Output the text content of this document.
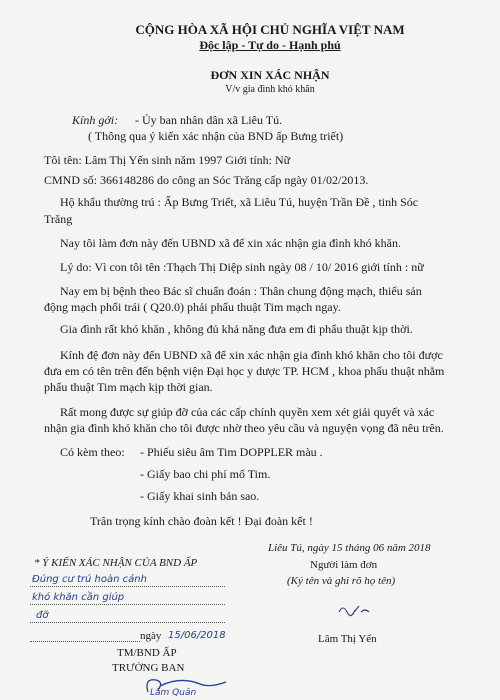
CỘNG HÒA XÃ HỘI CHỦ NGHĨA VIỆT NAM
Độc lập - Tự do - Hạnh phú
ĐƠN XIN XÁC NHẬN
V/v gia đình khó khăn
Kính gởi: - Ủy ban nhân dân xã Liêu Tú.
( Thông qua ý kiến xác nhận của BND ấp Bưng triết)
Tôi tên: Lâm Thị Yến sinh năm 1997 Giới tính: Nữ
CMND số: 366148286 do công an Sóc Trăng cấp ngày 01/02/2013.
Hộ khẩu thường trú : Ấp Bưng Triết, xã Liêu Tú, huyện Trần Đề , tinh Sóc
Trăng
Nay tôi làm đơn này đến UBND xã để xin xác nhận gia đình khó khăn.
Lý do: Vì con tôi tên :Thạch Thị Diệp sinh ngày 08 / 10/ 2016 giới tính : nữ
Nay em bị bệnh theo Bác sĩ chuẩn đoán : Thân chung động mạch, thiểu sản
động mạch phổi trái ( Q20.0) phải phẩu thuật Tim mạch ngay.
Gia đình rất khó khăn , không đủ khả năng đưa em đi phẩu thuật kịp thời.
Kính đệ đơn này đến UBND xã để xin xác nhận gia đình khó khăn cho tôi được
đưa em có tên trên đến bệnh viện Đại học y dược TP. HCM , khoa phẩu thuật nhằm
phẩu thuật Tim mạch kịp thời gian.
Rất mong được sự giúp đỡ của các cấp chính quyền xem xét giải quyết và xác
nhận gia đình khó khăn cho tôi được nhờ theo yêu cầu và nguyện vọng đã nêu trên.
Có kèm theo: - Phiếu siêu âm Tim DOPPLER màu .
- Giấy bao chi phí mổ Tim.
- Giấy khai sinh bản sao.
Trân trọng kính chào đoàn kết ! Đại đoàn kết !
Liêu Tú, ngày 15 tháng 06 năm 2018
Người làm đơn
(Ký tên và ghi rõ họ tên)
Lâm Thị Yến
* Ý KIẾN XÁC NHẬN CỦA BND ẤP
Đúng cư trú hoàn cảnh
khó khăn cần giúp
đỡ
ngày 15/06/2018
TM/BND ẤP
TRƯỞNG BAN
Lâm Quân
